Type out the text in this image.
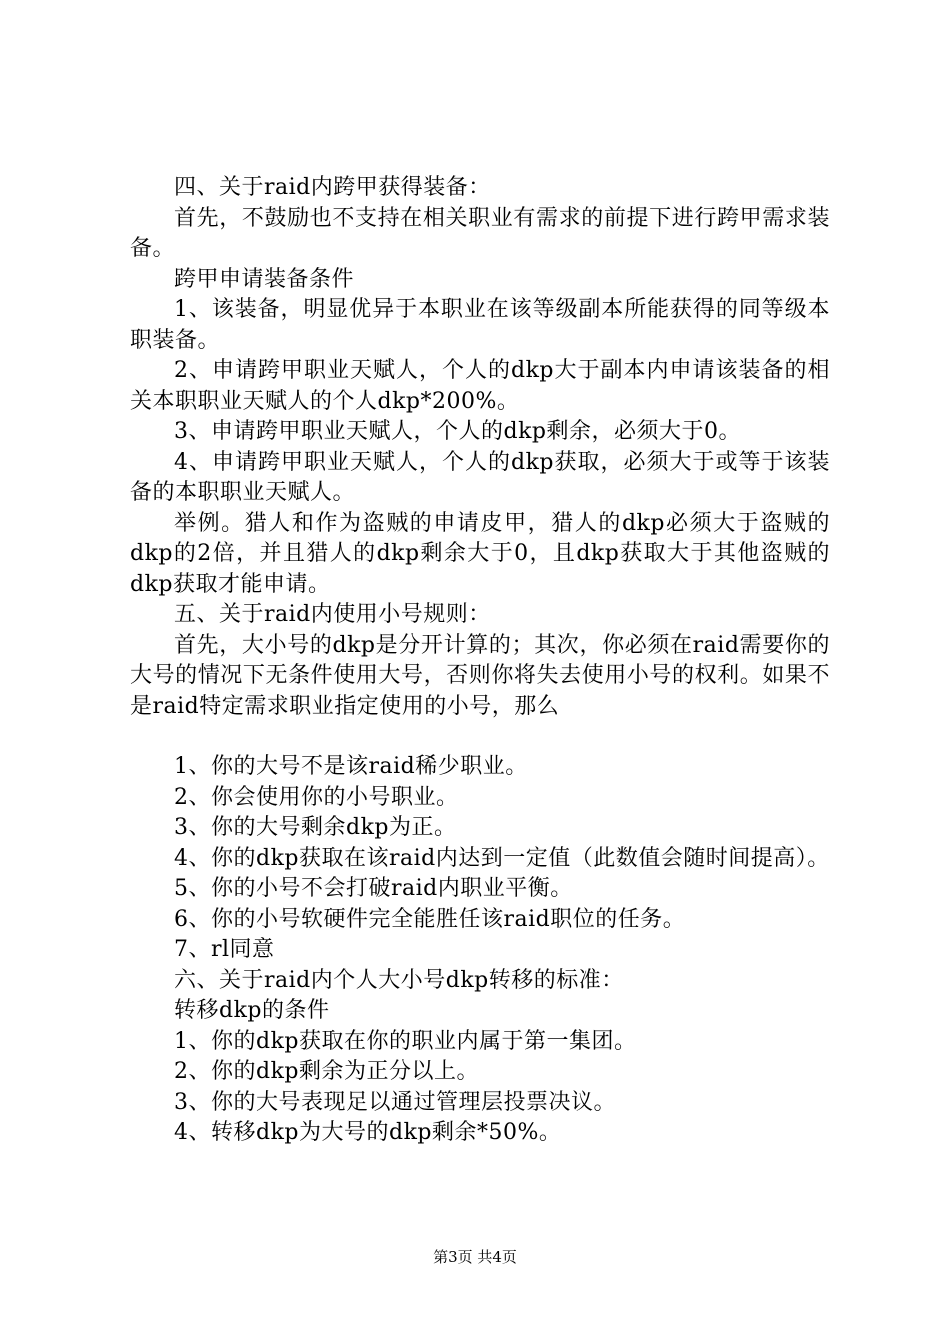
四、关于raid内跨甲获得装备：

首先，不鼓励也不支持在相关职业有需求的前提下进行跨甲需求装备。

跨甲申请装备条件

1、该装备，明显优异于本职业在该等级副本所能获得的同等级本职装备。

2、申请跨甲职业天赋人，个人的dkp大于副本内申请该装备的相关本职职业天赋人的个人dkp*200%。

3、申请跨甲职业天赋人，个人的dkp剩余，必须大于0。

4、申请跨甲职业天赋人，个人的dkp获取，必须大于或等于该装备的本职职业天赋人。

举例。猎人和作为盗贼的申请皮甲，猎人的dkp必须大于盗贼的dkp的2倍，并且猎人的dkp剩余大于0，且dkp获取大于其他盗贼的dkp获取才能申请。

五、关于raid内使用小号规则：

首先，大小号的dkp是分开计算的；其次，你必须在raid需要你的大号的情况下无条件使用大号，否则你将失去使用小号的权利。如果不是raid特定需求职业指定使用的小号，那么

1、你的大号不是该raid稀少职业。

2、你会使用你的小号职业。

3、你的大号剩余dkp为正。

4、你的dkp获取在该raid内达到一定值（此数值会随时间提高）。

5、你的小号不会打破raid内职业平衡。

6、你的小号软硬件完全能胜任该raid职位的任务。

7、rl同意

六、关于raid内个人大小号dkp转移的标准：

转移dkp的条件

1、你的dkp获取在你的职业内属于第一集团。

2、你的dkp剩余为正分以上。

3、你的大号表现足以通过管理层投票决议。

4、转移dkp为大号的dkp剩余*50%。

第3页 共4页
